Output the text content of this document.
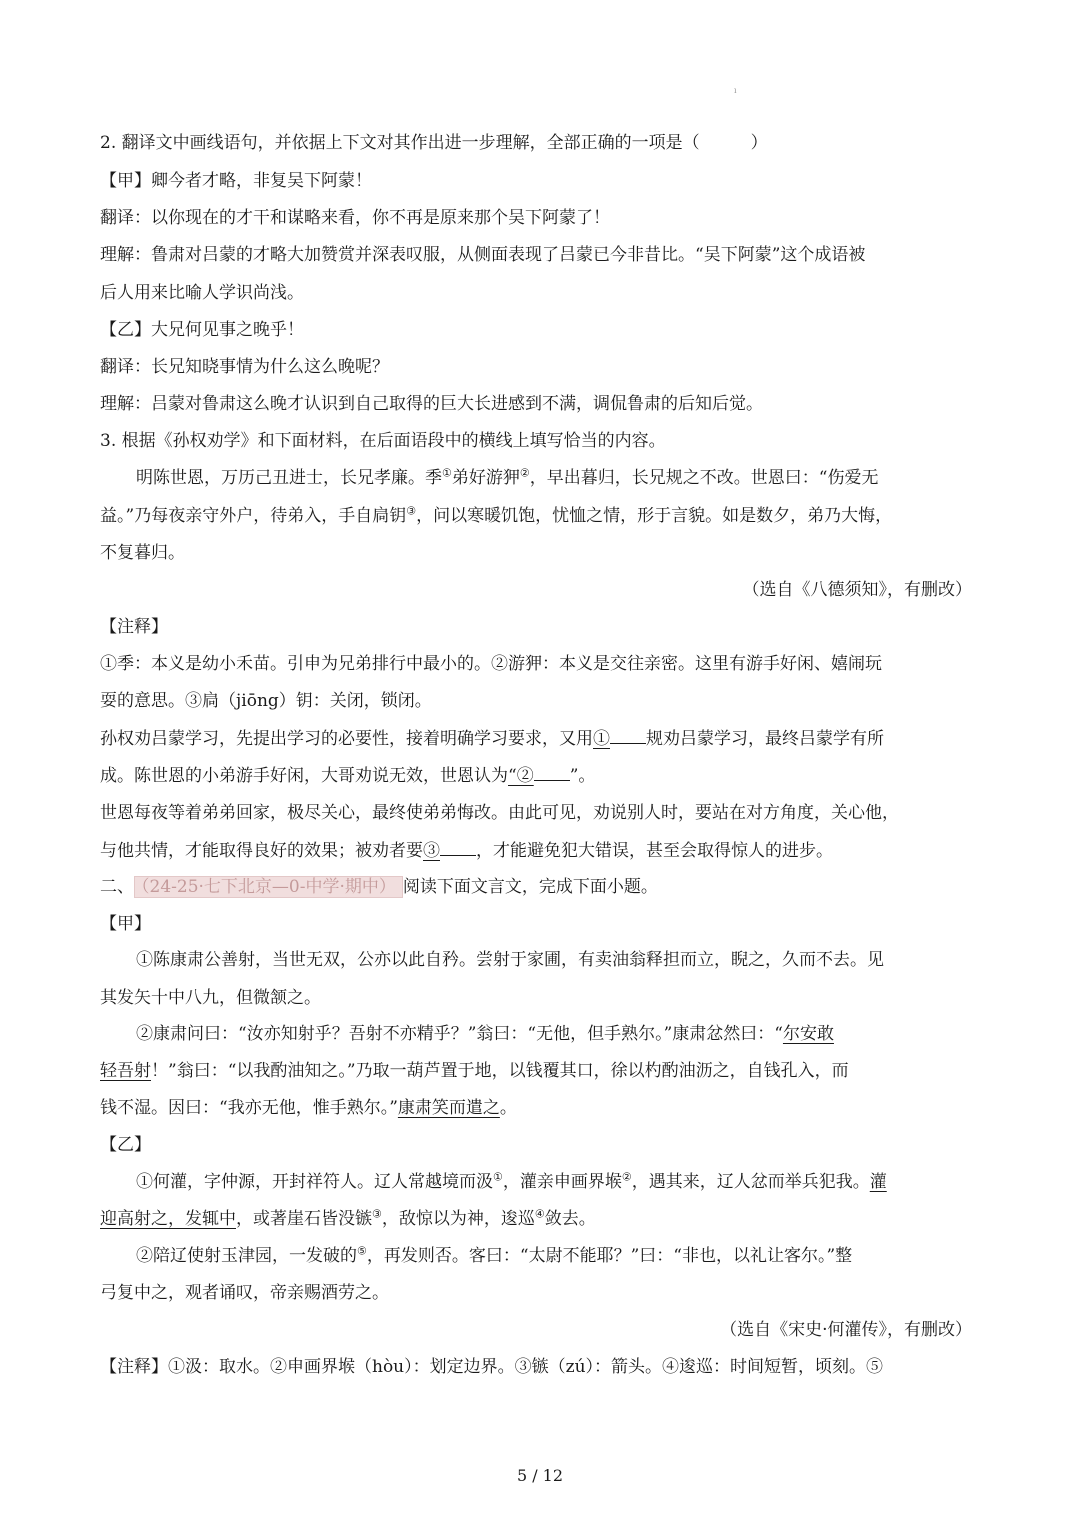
ı
2. 翻译文中画线语句，并依据上下文对其作出进一步理解，全部正确的一项是（　　　）
【甲】卿今者才略，非复吴下阿蒙！
翻译：以你现在的才干和谋略来看，你不再是原来那个吴下阿蒙了！
理解：鲁肃对吕蒙的才略大加赞赏并深表叹服，从侧面表现了吕蒙已今非昔比。“吴下阿蒙”这个成语被
后人用来比喻人学识尚浅。
【乙】大兄何见事之晚乎！
翻译：长兄知晓事情为什么这么晚呢？
理解：吕蒙对鲁肃这么晚才认识到自己取得的巨大长进感到不满，调侃鲁肃的后知后觉。
3. 根据《孙权劝学》和下面材料，在后面语段中的横线上填写恰当的内容。
明陈世恩，万历己丑进士，长兄孝廉。季①弟好游狎②，早出暮归，长兄规之不改。世恩曰：“伤爱无
益。”乃每夜亲守外户，待弟入，手自扃钥③，问以寒暖饥饱，忧恤之情，形于言貌。如是数夕，弟乃大悔，
不复暮归。
（选自《八德须知》，有删改）
【注释】
①季：本义是幼小禾苗。引申为兄弟排行中最小的。②游狎：本义是交往亲密。这里有游手好闲、嬉闹玩
耍的意思。③扃（jiōng）钥：关闭，锁闭。
孙权劝吕蒙学习，先提出学习的必要性，接着明确学习要求，又用① 规劝吕蒙学习，最终吕蒙学有所
成。陈世恩的小弟游手好闲，大哥劝说无效，世恩认为“② ”。
世恩每夜等着弟弟回家，极尽关心，最终使弟弟悔改。由此可见，劝说别人时，要站在对方角度，关心他，
与他共情，才能取得良好的效果；被劝者要③ ，才能避免犯大错误，甚至会取得惊人的进步。
二、 （24-25·七下北京—0-中学·期中） 阅读下面文言文，完成下面小题。
【甲】
①陈康肃公善射，当世无双，公亦以此自矜。尝射于家圃，有卖油翁释担而立，睨之，久而不去。见
其发矢十中八九，但微颔之。
②康肃问曰：“汝亦知射乎？吾射不亦精乎？”翁曰：“无他，但手熟尔。”康肃忿然曰：“尔安敢
轻吾射！”翁曰：“以我酌油知之。”乃取一葫芦置于地，以钱覆其口，徐以杓酌油沥之，自钱孔入，而
钱不湿。因曰：“我亦无他，惟手熟尔。”康肃笑而遣之。
【乙】
①何灌，字仲源，开封祥符人。辽人常越境而汲①，灌亲申画界堠②，遇其来，辽人忿而举兵犯我。灌
迎高射之，发辄中，或著崖石皆没镞③，敌惊以为神，逡巡④敛去。
②陪辽使射玉津园，一发破的⑤，再发则否。客曰：“太尉不能耶？”曰：“非也，以礼让客尔。”整
弓复中之，观者诵叹，帝亲赐酒劳之。
（选自《宋史·何灌传》，有删改）
【注释】①汲：取水。②申画界堠（hòu）：划定边界。③镞（zú）：箭头。④逡巡：时间短暂，顷刻。⑤
5 / 12
